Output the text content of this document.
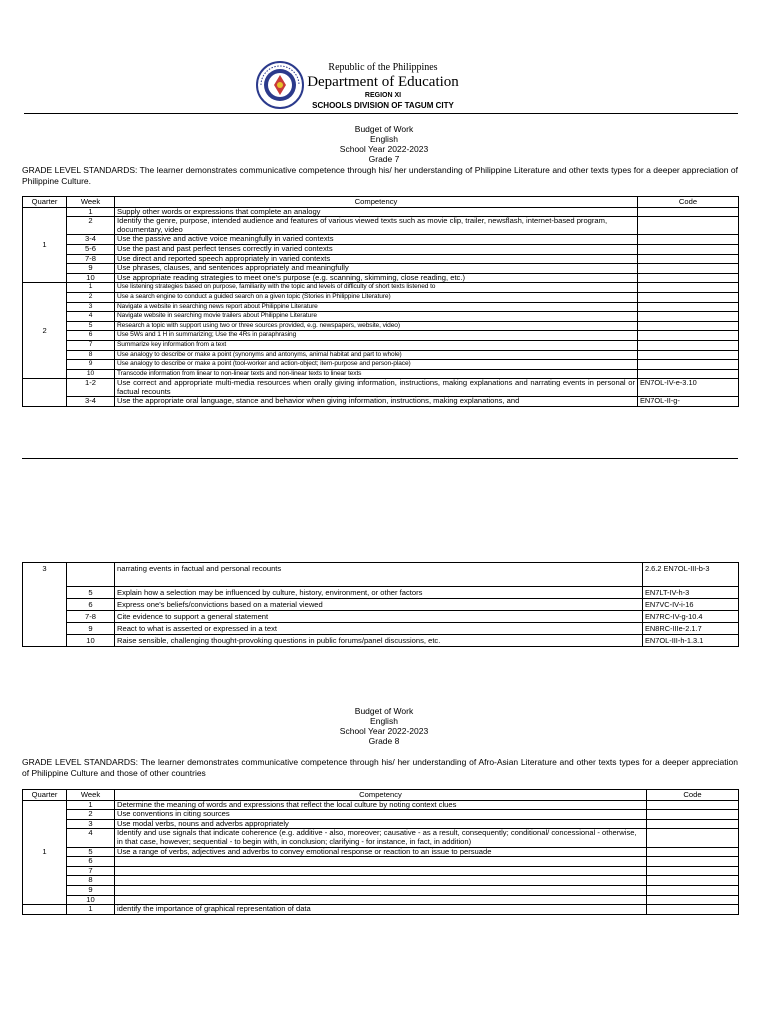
Republic of the Philippines
Department of Education
REGION XI
SCHOOLS DIVISION OF TAGUM CITY
Budget of Work
English
School Year 2022-2023
Grade 7
GRADE LEVEL STANDARDS: The learner demonstrates communicative competence through his/ her understanding of Philippine Literature and other texts types for a deeper appreciation of Philippine Culture.
Quarter	Week	Competency	Code
1	1	Supply other words or expressions that complete an analogy	
	2	Identify the genre, purpose, intended audience and features of various viewed texts such as movie clip, trailer, newsflash, internet-based program, documentary, video	
	3-4	Use the passive and active voice meaningfully in varied contexts	
	5-6	Use the past and past perfect tenses correctly in varied contexts	
	7-8	Use direct and reported speech appropriately in varied contexts	
	9	Use phrases, clauses, and sentences appropriately and meaningfully	
	10	Use appropriate reading strategies to meet one's purpose (e.g. scanning, skimming, close reading, etc.)	
2	1	Use listening strategies based on purpose, familiarity with the topic and levels of difficulty of short texts listened to	
	2	Use a search engine to conduct a guided search on a given topic (Stories in Philippine Literature)	
	3	Navigate a website in searching news report about Philippine Literature	
	4	Navigate website in searching movie trailers about Philippine Literature	
	5	Research a topic with support using two or three sources provided, e.g. newspapers, website, video)	
	6	Use 5Ws and 1 H in summarizing; Use the 4Rs in paraphrasing	
	7	Summarize key information from a text	
	8	Use analogy to describe or make a point (synonyms and antonyms, animal habitat and part to whole)	
	9	Use analogy to describe or make a point (tool-worker and action-object; item-purpose and person-place)	
	10	Transcode information from linear to non-linear texts and non-linear texts to linear texts	
	1-2	Use correct and appropriate multi-media resources when orally giving information, instructions, making explanations and narrating events in personal or factual recounts	EN7OL-IV-e-3.10
	3-4	Use the appropriate oral language, stance and behavior when giving information, instructions, making explanations, and	EN7OL-II-g-
3		narrating events in factual and personal recounts	2.6.2 EN7OL-III-b-3
	5	Explain how a selection may be influenced by culture, history, environment, or other factors	EN7LT-IV-h-3
	6	Express one's beliefs/convictions based on a material viewed	EN7VC-IV-i-16
	7-8	Cite evidence to support a general statement	EN7RC-IV-g-10.4
	9	React to what is asserted or expressed in a text	EN8RC-IIIe-2.1.7
	10	Raise sensible, challenging thought-provoking questions in public forums/panel discussions, etc.	EN7OL-III-h-1.3.1
Budget of Work
English
School Year 2022-2023
Grade 8
GRADE LEVEL STANDARDS: The learner demonstrates communicative competence through his/ her understanding of Afro-Asian Literature and other texts types for a deeper appreciation of Philippine Culture and those of other countries
Quarter	Week	Competency	Code
1	1	Determine the meaning of words and expressions that reflect the local culture by noting context clues	
	2	Use conventions in citing sources	
	3	Use modal verbs, nouns and adverbs appropriately	
	4	Identify and use signals that indicate coherence (e.g. additive - also, moreover; causative - as a result, consequently; conditional/ concessional - otherwise, in that case, however; sequential - to begin with, in conclusion; clarifying - for instance, in fact, in addition)	
	5	Use a range of verbs, adjectives and adverbs to convey emotional response or reaction to an issue to persuade	
	6		
	7		
	8		
	9		
	10		
	1	identify the importance of graphical representation of data	
